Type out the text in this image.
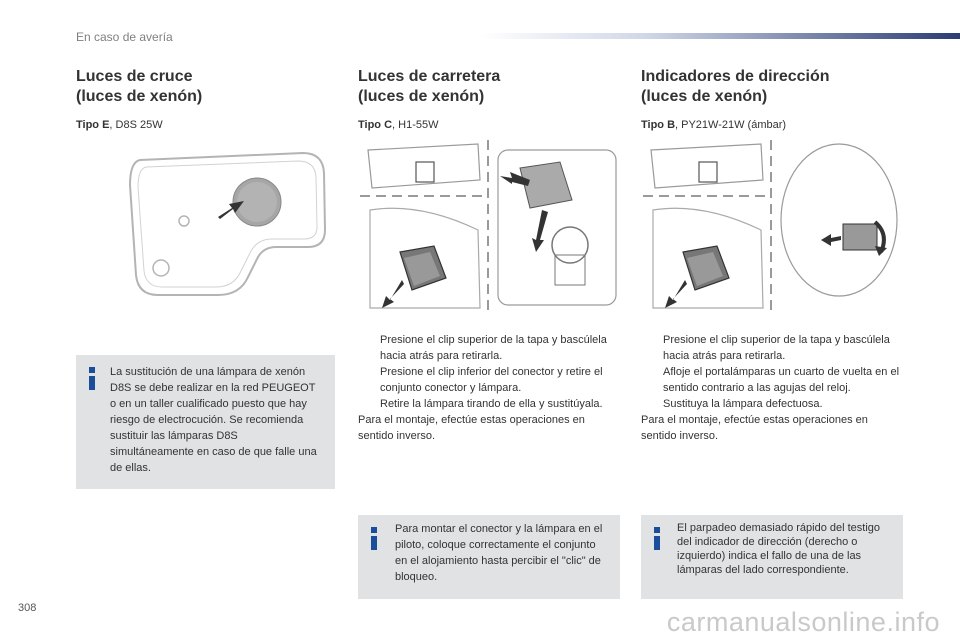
En caso de avería
Luces de cruce
(luces de xenón)
Tipo E, D8S 25W
Luces de carretera
(luces de xenón)
Tipo C, H1-55W
Indicadores de dirección
(luces de xenón)
Tipo B, PY21W-21W (ámbar)
La sustitución de una lámpara de xenón D8S se debe realizar en la red PEUGEOT o en un taller cualificado puesto que hay riesgo de electrocución. Se recomienda sustituir las lámparas D8S simultáneamente en caso de que falle una de ellas.
Presione el clip superior de la tapa y bascúlela hacia atrás para retirarla.
Presione el clip inferior del conector y retire el conjunto conector y lámpara.
Retire la lámpara tirando de ella y sustitúyala.
Para el montaje, efectúe estas operaciones en sentido inverso.
Presione el clip superior de la tapa y bascúlela hacia atrás para retirarla.
Afloje el portalámparas un cuarto de vuelta en el sentido contrario a las agujas del reloj.
Sustituya la lámpara defectuosa.
Para el montaje, efectúe estas operaciones en sentido inverso.
Para montar el conector y la lámpara en el piloto, coloque correctamente el conjunto en el alojamiento hasta percibir el "clic" de bloqueo.
El parpadeo demasiado rápido del testigo del indicador de dirección (derecho o izquierdo) indica el fallo de una de las lámparas del lado correspondiente.
308	carmanualsonline.info
